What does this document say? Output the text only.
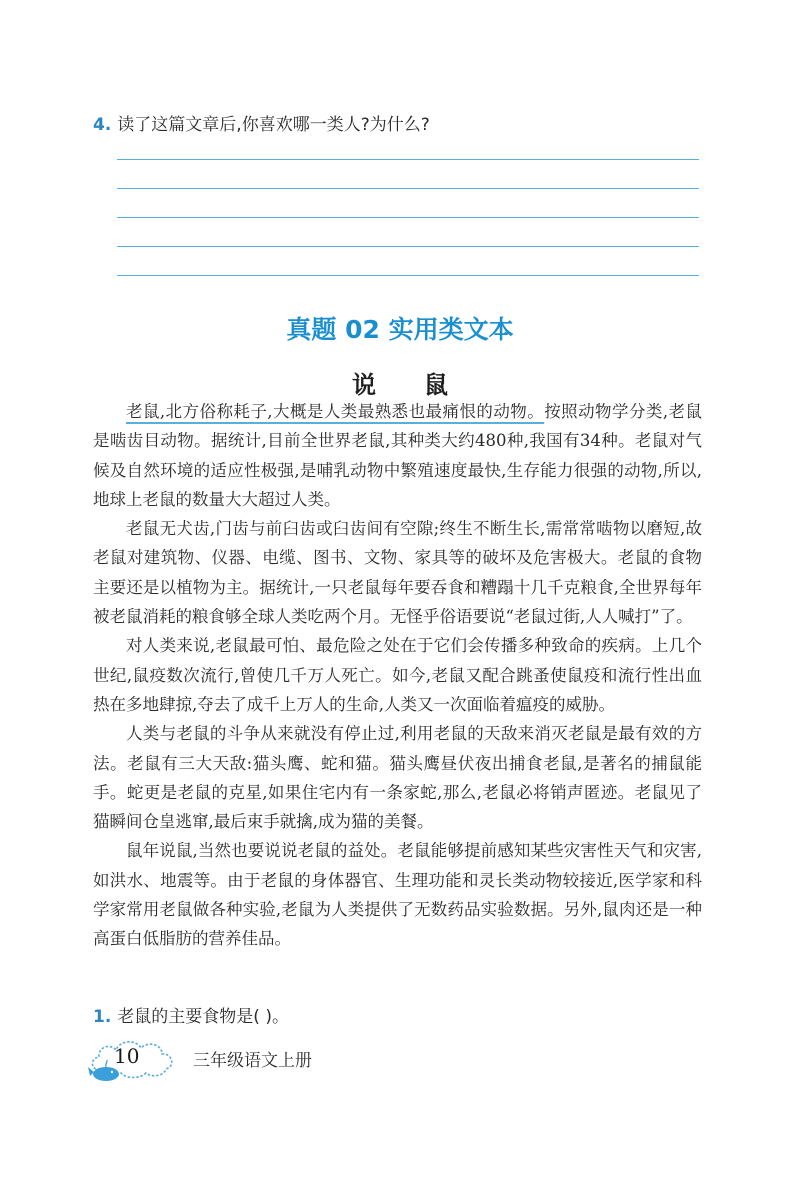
4. 读了这篇文章后,你喜欢哪一类人?为什么?
真题 02 实用类文本
说鼠

老鼠,北方俗称耗子,大概是人类最熟悉也最痛恨的动物。按照动物学分类,老鼠是啮齿目动物。据统计,目前全世界老鼠,其种类大约480种,我国有34种。老鼠对气候及自然环境的适应性极强,是哺乳动物中繁殖速度最快,生存能力很强的动物,所以,地球上老鼠的数量大大超过人类。

老鼠无犬齿,门齿与前臼齿或臼齿间有空隙;终生不断生长,需常常啮物以磨短,故老鼠对建筑物、仪器、电缆、图书、文物、家具等的破坏及危害极大。老鼠的食物主要还是以植物为主。据统计,一只老鼠每年要吞食和糟蹋十几千克粮食,全世界每年被老鼠消耗的粮食够全球人类吃两个月。无怪乎俗语要说“老鼠过街,人人喊打”了。

对人类来说,老鼠最可怕、最危险之处在于它们会传播多种致命的疾病。上几个世纪,鼠疫数次流行,曾使几千万人死亡。如今,老鼠又配合跳蚤使鼠疫和流行性出血热在多地肆掠,夺去了成千上万人的生命,人类又一次面临着瘟疫的威胁。

人类与老鼠的斗争从来就没有停止过,利用老鼠的天敌来消灭老鼠是最有效的方法。老鼠有三大天敌:猫头鹰、蛇和猫。猫头鹰昼伏夜出捕食老鼠,是著名的捕鼠能手。蛇更是老鼠的克星,如果住宅内有一条家蛇,那么,老鼠必将销声匿迹。老鼠见了猫瞬间仓皇逃窜,最后束手就擒,成为猫的美餐。

鼠年说鼠,当然也要说说老鼠的益处。老鼠能够提前感知某些灾害性天气和灾害,如洪水、地震等。由于老鼠的身体器官、生理功能和灵长类动物较接近,医学家和科学家常用老鼠做各种实验,老鼠为人类提供了无数药品实验数据。另外,鼠肉还是一种高蛋白低脂肪的营养佳品。

1. 老鼠的主要食物是( )。
10	三年级语文上册
